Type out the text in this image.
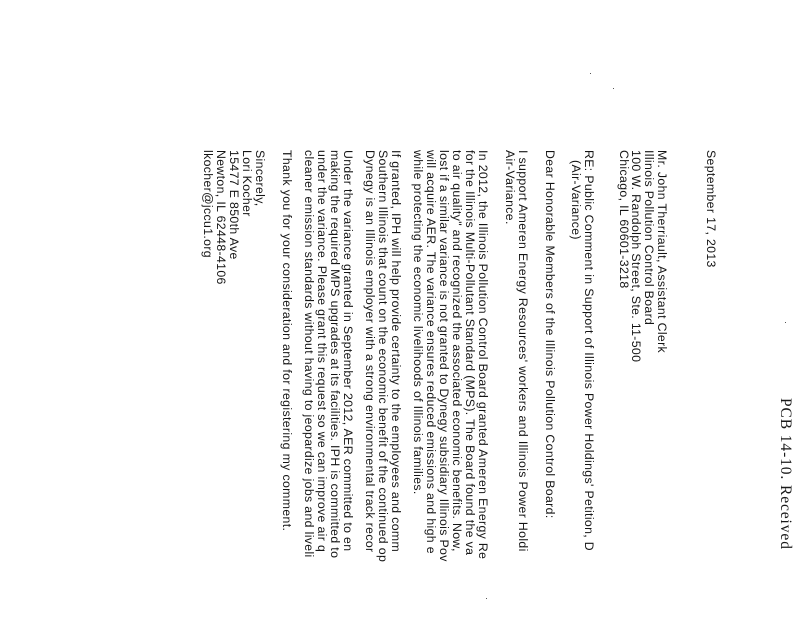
PCB 14-10. Received
September 17, 2013
Mr. John Therriault, Assistant Clerk
Illinois Pollution Control Board
100 W. Randolph Street, Ste. 11-500
Chicago, IL 60601-3218
RE: Public Comment in Support of Illinois Power Holdings' Petition, D
(Air-Variance)
Dear Honorable Members of the Illinois Pollution Control Board:
I support Ameren Energy Resources' workers and Illinois Power Holdi
Air-Variance.
In 2012, the Illinois Pollution Control Board granted Ameren Energy Re
for the Illinois Multi-Pollutant Standard (MPS). The Board found the va
to air quality" and recognized the associated economic benefits. Now,
lost if a similar variance is not granted to Dynegy subsidiary Illinois Pov
will acquire AER. The variance ensures reduced emissions and high e
while protecting the economic livelihoods of Illinois families.
If granted, IPH will help provide certainty to the employees and comm
Southern Illinois that count on the economic benefit of the continued op
Dynegy is an Illinois employer with a strong environmental track recor
Under the variance granted in September 2012, AER committed to en
making the required MPS upgrades at its facilities. IPH is committed to
under the variance. Please grant this request so we can improve air q
cleaner emission standards without having to jeopardize jobs and liveli
Thank you for your consideration and for registering my comment.
Sincerely,
Lori Kocher
15477 E 850th Ave
Newton, IL 62448-4106
lkocher@jccu1.org
